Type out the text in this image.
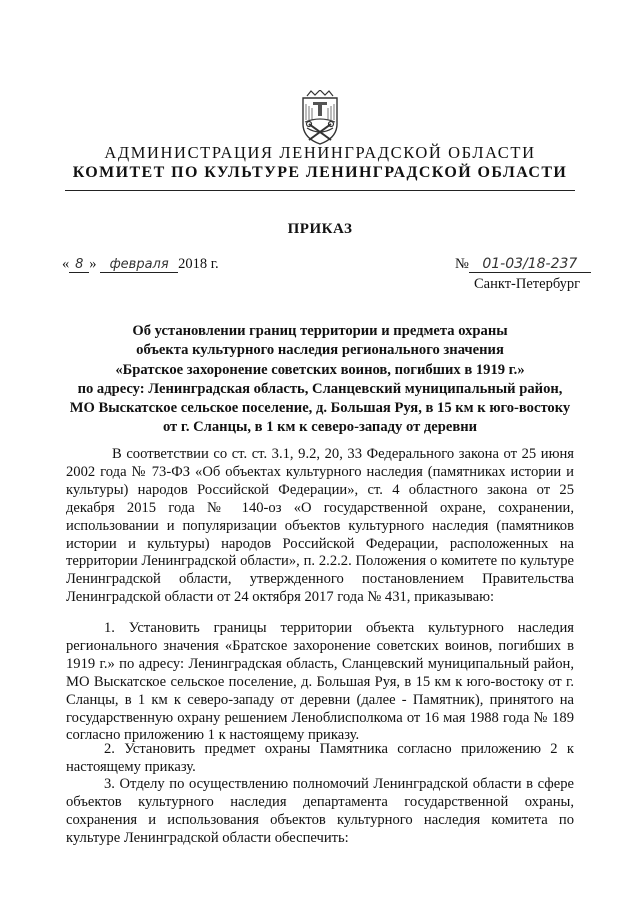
АДМИНИСТРАЦИЯ ЛЕНИНГРАДСКОЙ ОБЛАСТИ
КОМИТЕТ ПО КУЛЬТУРЕ ЛЕНИНГРАДСКОЙ ОБЛАСТИ
ПРИКАЗ
« 8 » февраля 2018 г.	№ 01-03/18-237
Санкт-Петербург
Об установлении границ территории и предмета охраны
объекта культурного наследия регионального значения
«Братское захоронение советских воинов, погибших в 1919 г.»
по адресу: Ленинградская область, Сланцевский муниципальный район,
МО Выскатское сельское поселение, д. Большая Руя, в 15 км к юго-востоку
от г. Сланцы, в 1 км к северо-западу от деревни
В соответствии со ст. ст. 3.1, 9.2, 20, 33 Федерального закона от 25 июня 2002 года № 73-ФЗ «Об объектах культурного наследия (памятниках истории и культуры) народов Российской Федерации», ст. 4 областного закона от 25 декабря 2015 года № 140-оз «О государственной охране, сохранении, использовании и популяризации объектов культурного наследия (памятников истории и культуры) народов Российской Федерации, расположенных на территории Ленинградской области», п. 2.2.2. Положения о комитете по культуре Ленинградской области, утвержденного постановлением Правительства Ленинградской области от 24 октября 2017 года № 431, приказываю:
1. Установить границы территории объекта культурного наследия регионального значения «Братское захоронение советских воинов, погибших в 1919 г.» по адресу: Ленинградская область, Сланцевский муниципальный район, МО Выскатское сельское поселение, д. Большая Руя, в 15 км к юго-востоку от г. Сланцы, в 1 км к северо-западу от деревни (далее - Памятник), принятого на государственную охрану решением Леноблисполкома от 16 мая 1988 года № 189 согласно приложению 1 к настоящему приказу.
2. Установить предмет охраны Памятника согласно приложению 2 к настоящему приказу.
3. Отделу по осуществлению полномочий Ленинградской области в сфере объектов культурного наследия департамента государственной охраны, сохранения и использования объектов культурного наследия комитета по культуре Ленинградской области обеспечить:
